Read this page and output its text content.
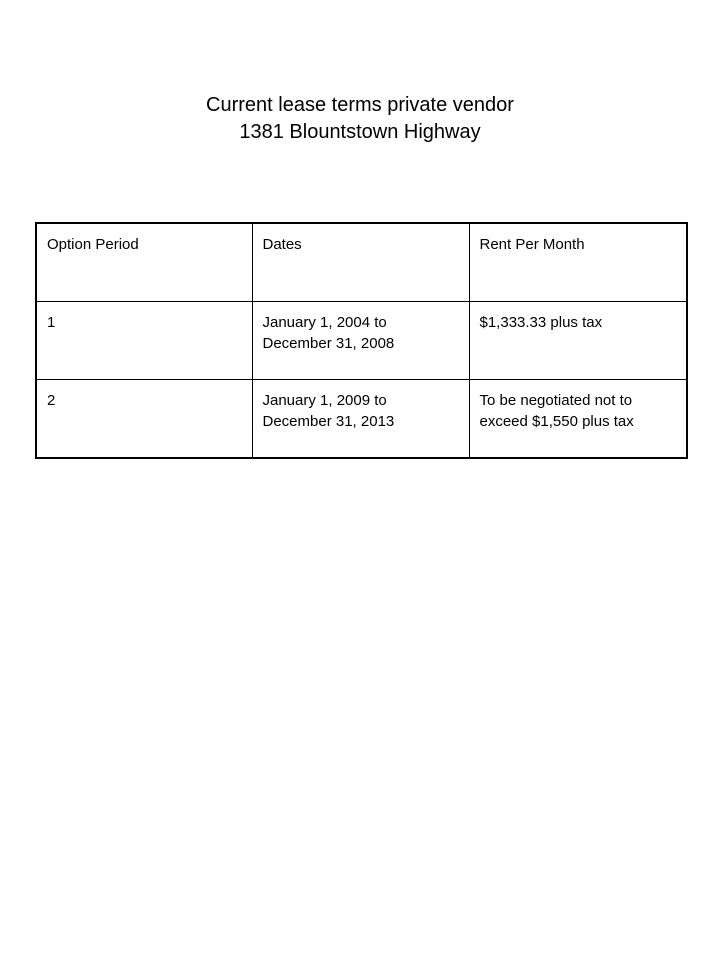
Current lease terms private vendor
1381 Blountstown Highway
Option Period	Dates	Rent Per Month
1	January 1, 2004 to December 31, 2008	$1,333.33 plus tax
2	January 1, 2009 to December 31, 2013	To be negotiated not to exceed $1,550 plus tax
